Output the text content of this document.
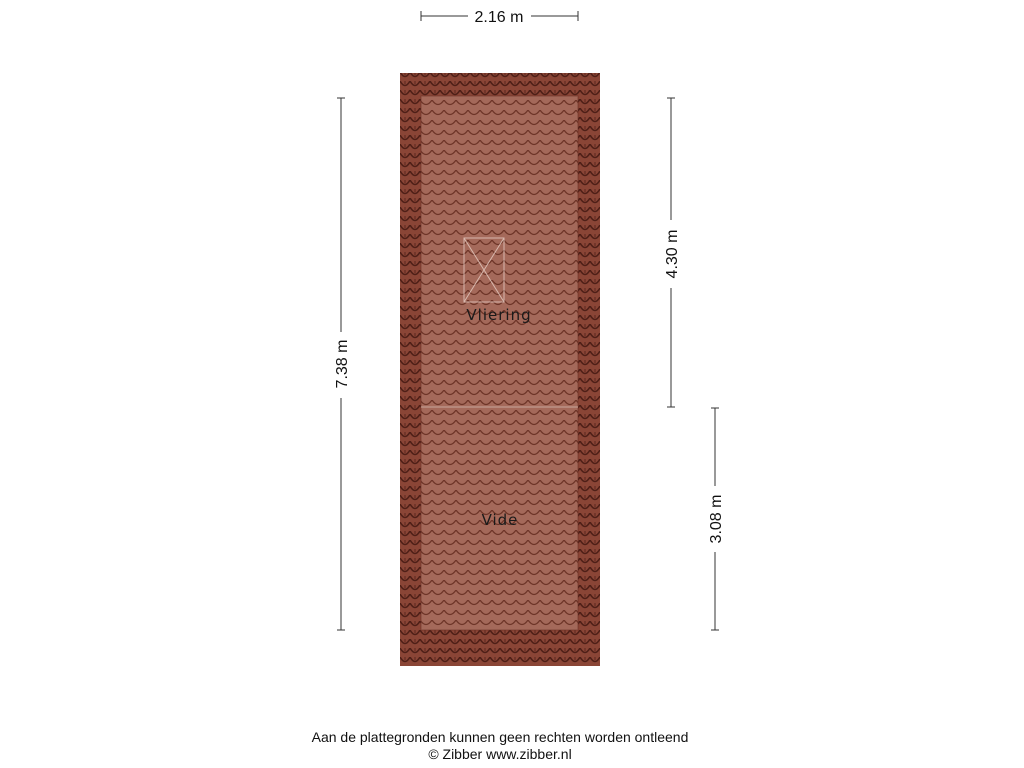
Vliering
Vide
2.16 m
7.38 m
4.30 m
3.08 m
Aan de plattegronden kunnen geen rechten worden ontleend
© Zibber www.zibber.nl
